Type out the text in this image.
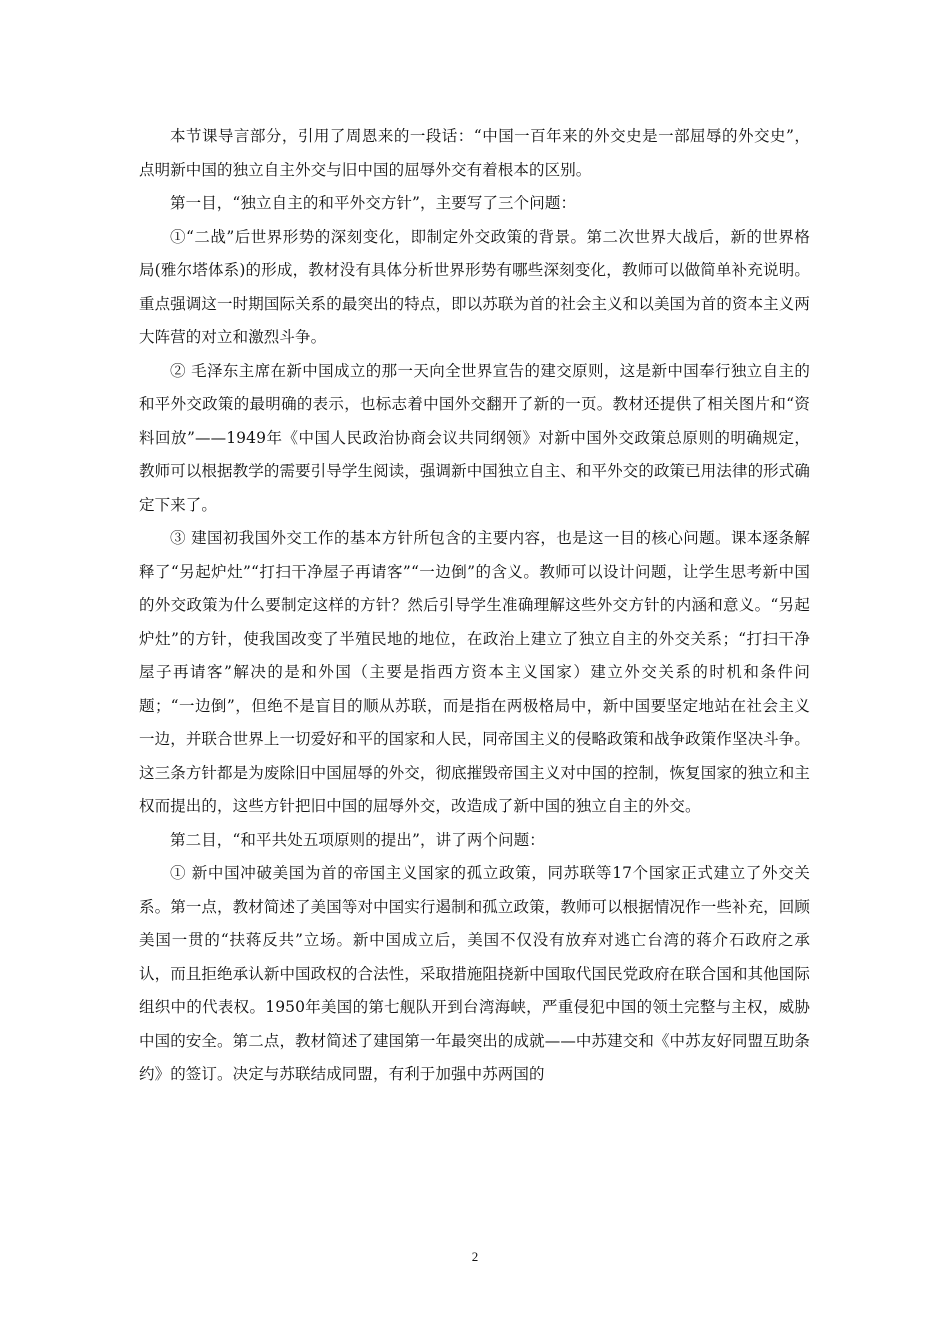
本节课导言部分，引用了周恩来的一段话：“中国一百年来的外交史是一部屈辱的外交史”，点明新中国的独立自主外交与旧中国的屈辱外交有着根本的区别。

第一目，“独立自主的和平外交方针”，主要写了三个问题：

①“二战”后世界形势的深刻变化，即制定外交政策的背景。第二次世界大战后，新的世界格局(雅尔塔体系)的形成，教材没有具体分析世界形势有哪些深刻变化，教师可以做简单补充说明。重点强调这一时期国际关系的最突出的特点，即以苏联为首的社会主义和以美国为首的资本主义两大阵营的对立和激烈斗争。

② 毛泽东主席在新中国成立的那一天向全世界宣告的建交原则，这是新中国奉行独立自主的和平外交政策的最明确的表示，也标志着中国外交翻开了新的一页。教材还提供了相关图片和“资料回放”——1949年《中国人民政治协商会议共同纲领》对新中国外交政策总原则的明确规定，教师可以根据教学的需要引导学生阅读，强调新中国独立自主、和平外交的政策已用法律的形式确定下来了。

③ 建国初我国外交工作的基本方针所包含的主要内容，也是这一目的核心问题。课本逐条解释了“另起炉灶”“打扫干净屋子再请客”“一边倒”的含义。教师可以设计问题，让学生思考新中国的外交政策为什么要制定这样的方针？然后引导学生准确理解这些外交方针的内涵和意义。“另起炉灶”的方针，使我国改变了半殖民地的地位，在政治上建立了独立自主的外交关系；“打扫干净屋子再请客”解决的是和外国（主要是指西方资本主义国家）建立外交关系的时机和条件问题；“一边倒”，但绝不是盲目的顺从苏联，而是指在两极格局中，新中国要坚定地站在社会主义一边，并联合世界上一切爱好和平的国家和人民，同帝国主义的侵略政策和战争政策作坚决斗争。这三条方针都是为废除旧中国屈辱的外交，彻底摧毁帝国主义对中国的控制，恢复国家的独立和主权而提出的，这些方针把旧中国的屈辱外交，改造成了新中国的独立自主的外交。

第二目，“和平共处五项原则的提出”，讲了两个问题：

① 新中国冲破美国为首的帝国主义国家的孤立政策，同苏联等17个国家正式建立了外交关系。第一点，教材简述了美国等对中国实行遏制和孤立政策，教师可以根据情况作一些补充，回顾美国一贯的“扶蒋反共”立场。新中国成立后，美国不仅没有放弃对逃亡台湾的蒋介石政府之承认，而且拒绝承认新中国政权的合法性，采取措施阻挠新中国取代国民党政府在联合国和其他国际组织中的代表权。1950年美国的第七舰队开到台湾海峡，严重侵犯中国的领土完整与主权，威胁中国的安全。第二点，教材简述了建国第一年最突出的成就——中苏建交和《中苏友好同盟互助条约》的签订。决定与苏联结成同盟，有利于加强中苏两国的

2
